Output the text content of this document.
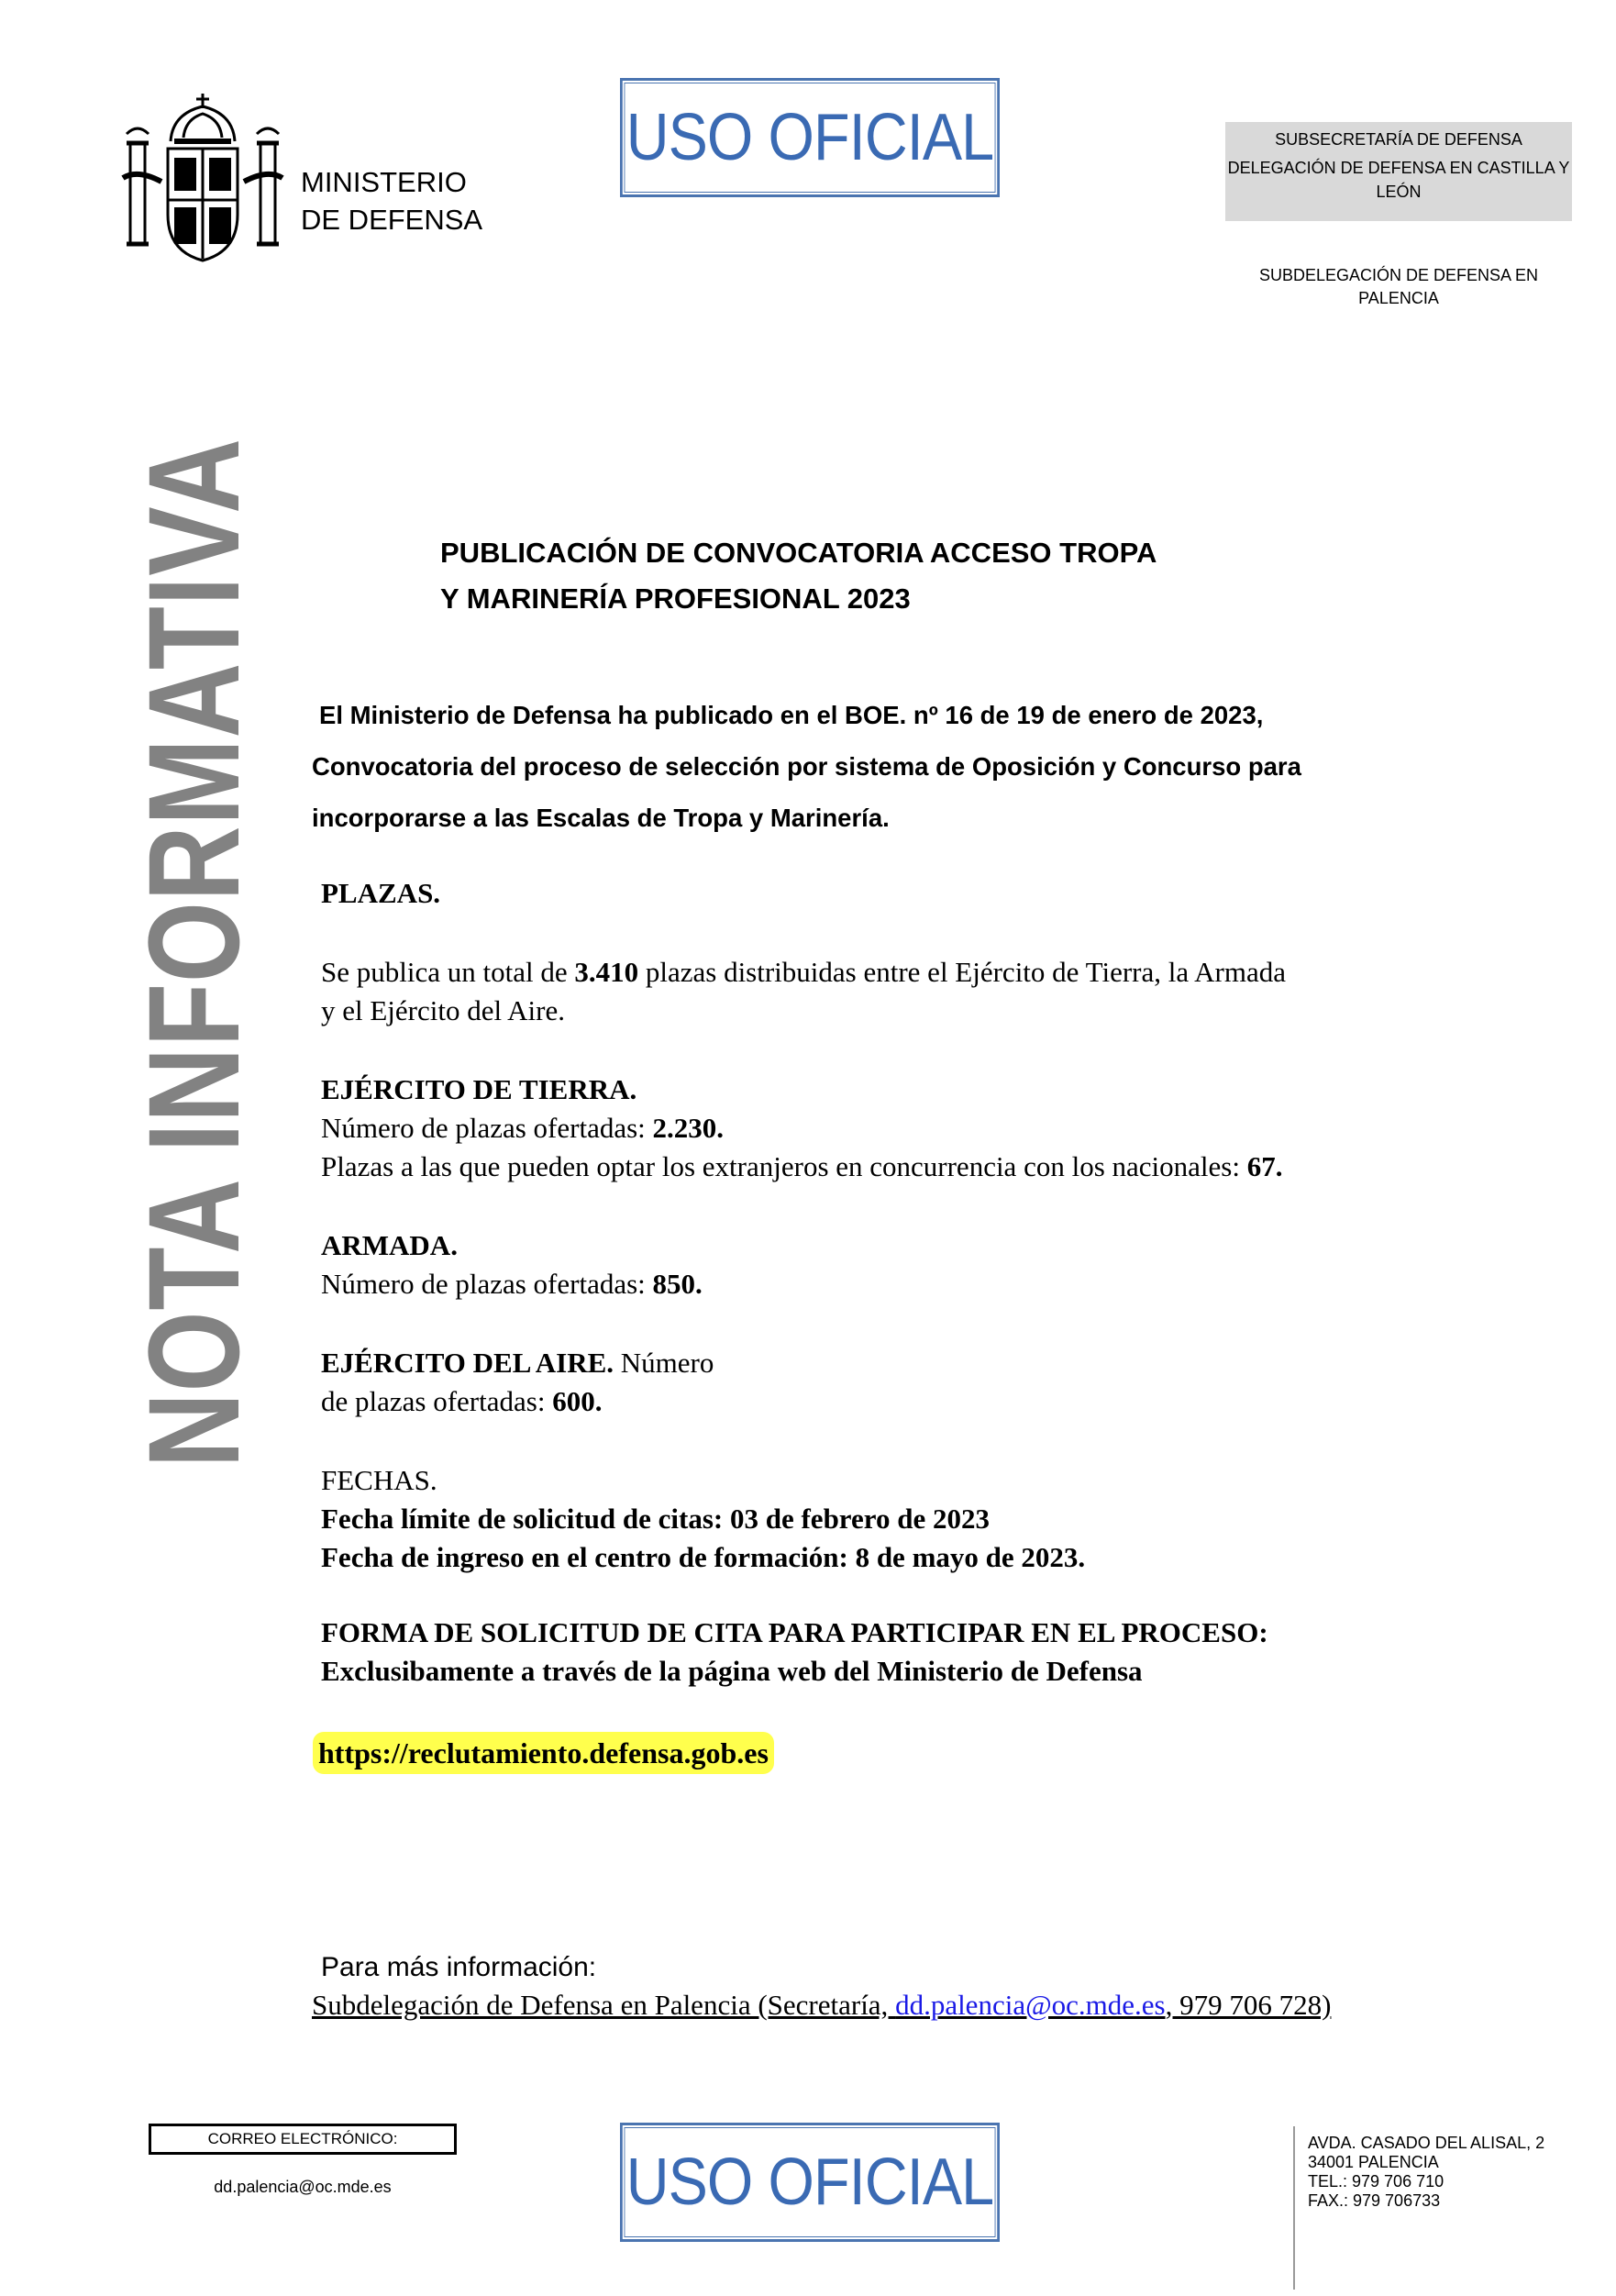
MINISTERIO
DE DEFENSA
USO OFICIAL	SUBSECRETARÍA DE DEFENSA
DELEGACIÓN DE DEFENSA EN CASTILLA Y LEÓN
SUBDELEGACIÓN DE DEFENSA EN PALENCIA
NOTA INFORMATIVA	PUBLICACIÓN DE CONVOCATORIA ACCESO TROPA
Y MARINERÍA PROFESIONAL 2023
El Ministerio de Defensa ha publicado en el BOE. nº 16 de 19 de enero de 2023,
Convocatoria del proceso de selección por sistema de Oposición y Concurso para
incorporarse a las Escalas de Tropa y Marinería.
PLAZAS.
Se publica un total de 3.410 plazas distribuidas entre el Ejército de Tierra, la Armada
y el Ejército del Aire.
EJÉRCITO DE TIERRA.
Número de plazas ofertadas: 2.230.
Plazas a las que pueden optar los extranjeros en concurrencia con los nacionales: 67.
ARMADA.
Número de plazas ofertadas: 850.
EJÉRCITO DEL AIRE. Número
de plazas ofertadas: 600.
FECHAS.
Fecha límite de solicitud de citas: 03 de febrero de 2023
Fecha de ingreso en el centro de formación: 8 de mayo de 2023.
FORMA DE SOLICITUD DE CITA PARA PARTICIPAR EN EL PROCESO:
Exclusibamente a través de la página web del Ministerio de Defensa
https://reclutamiento.defensa.gob.es
Para más información:
Subdelegación de Defensa en Palencia (Secretaría, dd.palencia@oc.mde.es, 979 706 728)
CORREO ELECTRÓNICO:
dd.palencia@oc.mde.es	USO OFICIAL
AVDA. CASADO DEL ALISAL, 2
34001 PALENCIA
TEL.: 979 706 710
FAX.: 979 706733
